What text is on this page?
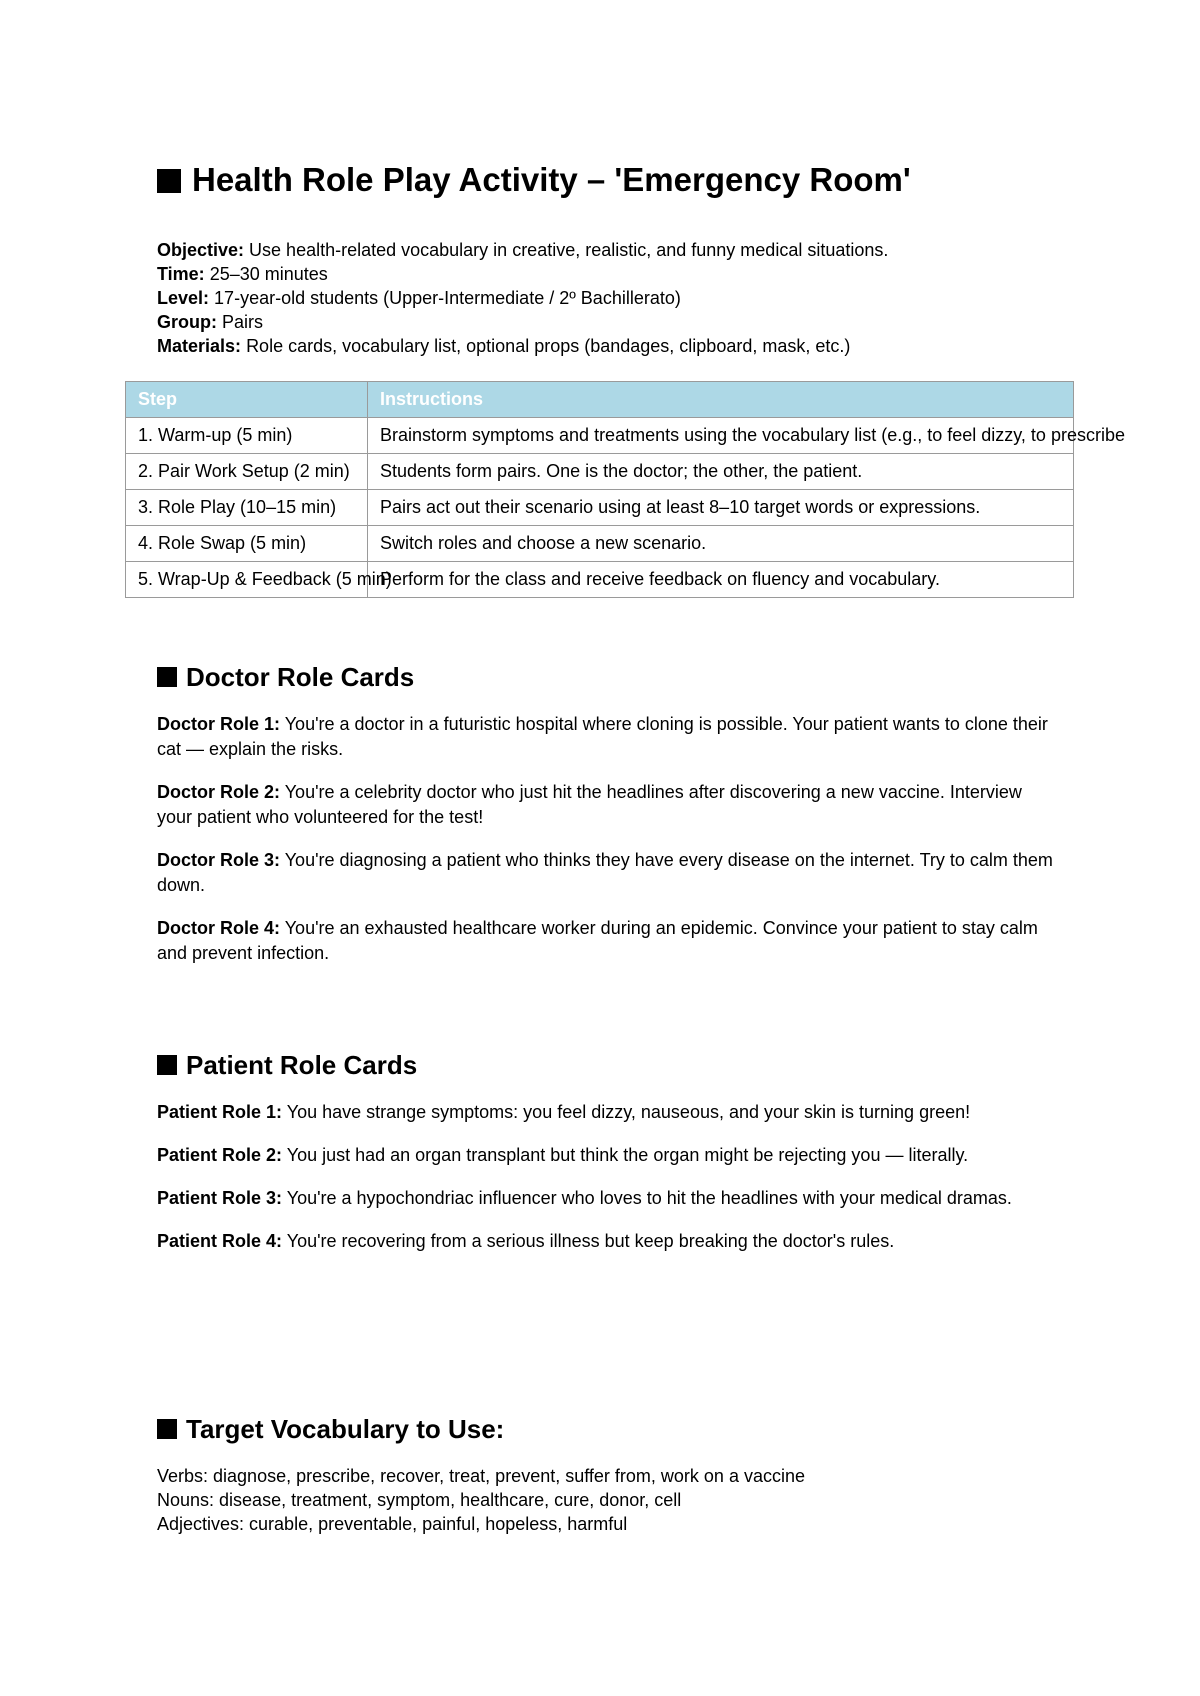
Health Role Play Activity – 'Emergency Room'
Objective: Use health-related vocabulary in creative, realistic, and funny medical situations.
Time: 25–30 minutes
Level: 17-year-old students (Upper-Intermediate / 2º Bachillerato)
Group: Pairs
Materials: Role cards, vocabulary list, optional props (bandages, clipboard, mask, etc.)
Step	Instructions
1. Warm-up (5 min)	Brainstorm symptoms and treatments using the vocabulary list (e.g., to feel dizzy, to prescribe
2. Pair Work Setup (2 min)	Students form pairs. One is the doctor; the other, the patient.
3. Role Play (10–15 min)	Pairs act out their scenario using at least 8–10 target words or expressions.
4. Role Swap (5 min)	Switch roles and choose a new scenario.
5. Wrap-Up & Feedback (5 min)	Perform for the class and receive feedback on fluency and vocabulary.
Doctor Role Cards
Doctor Role 1: You're a doctor in a futuristic hospital where cloning is possible. Your patient wants to clone their cat — explain the risks.
Doctor Role 2: You're a celebrity doctor who just hit the headlines after discovering a new vaccine. Interview your patient who volunteered for the test!
Doctor Role 3: You're diagnosing a patient who thinks they have every disease on the internet. Try to calm them down.
Doctor Role 4: You're an exhausted healthcare worker during an epidemic. Convince your patient to stay calm and prevent infection.
Patient Role Cards
Patient Role 1: You have strange symptoms: you feel dizzy, nauseous, and your skin is turning green!
Patient Role 2: You just had an organ transplant but think the organ might be rejecting you — literally.
Patient Role 3: You're a hypochondriac influencer who loves to hit the headlines with your medical dramas.
Patient Role 4: You're recovering from a serious illness but keep breaking the doctor's rules.
Target Vocabulary to Use:
Verbs: diagnose, prescribe, recover, treat, prevent, suffer from, work on a vaccine
Nouns: disease, treatment, symptom, healthcare, cure, donor, cell
Adjectives: curable, preventable, painful, hopeless, harmful
